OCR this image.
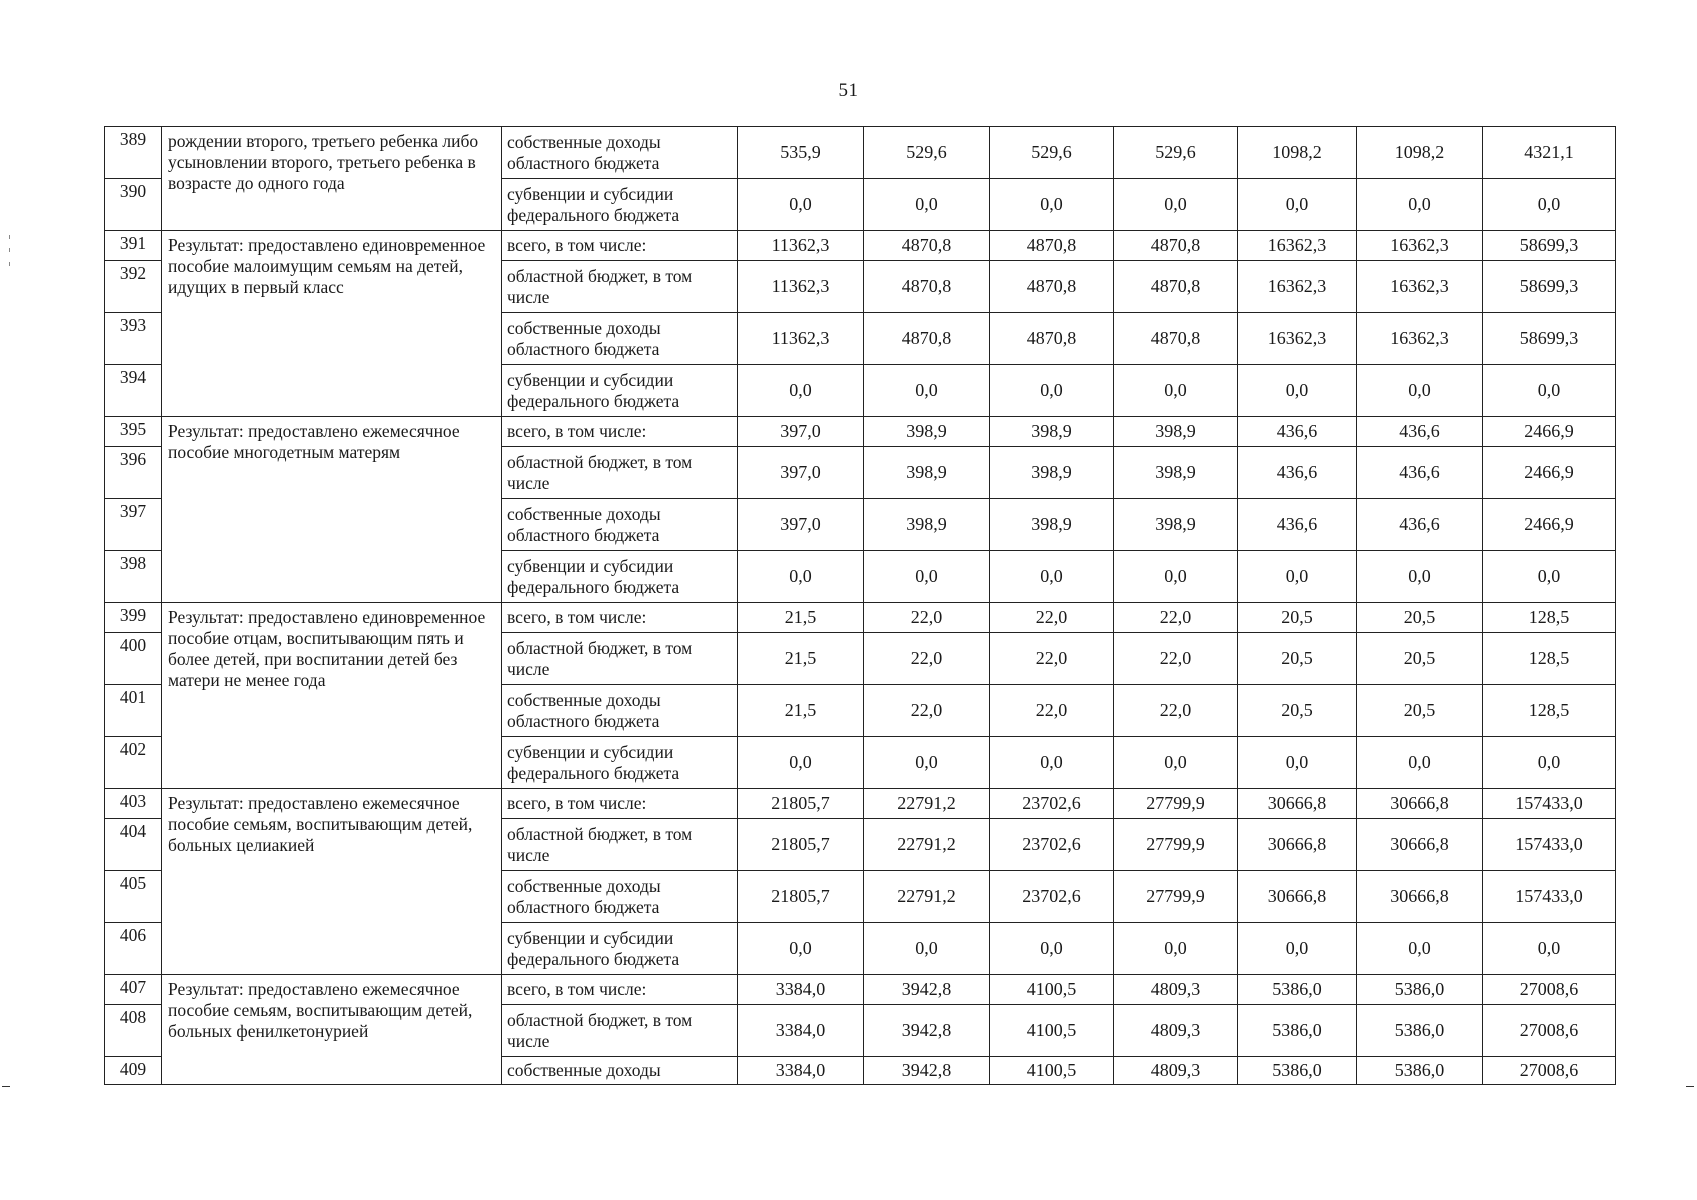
51
389	рождении второго, третьего ребенка либо усыновлении второго, третьего ребенка в возрасте до одного года	собственные доходы областного бюджета	535,9	529,6	529,6	529,6	1098,2	1098,2	4321,1
390		субвенции и субсидии федерального бюджета	0,0	0,0	0,0	0,0	0,0	0,0	0,0
391	Результат: предоставлено единовременное пособие малоимущим семьям на детей, идущих в первый класс	всего, в том числе:	11362,3	4870,8	4870,8	4870,8	16362,3	16362,3	58699,3
392		областной бюджет, в том числе	11362,3	4870,8	4870,8	4870,8	16362,3	16362,3	58699,3
393		собственные доходы областного бюджета	11362,3	4870,8	4870,8	4870,8	16362,3	16362,3	58699,3
394		субвенции и субсидии федерального бюджета	0,0	0,0	0,0	0,0	0,0	0,0	0,0
395	Результат: предоставлено ежемесячное пособие многодетным матерям	всего, в том числе:	397,0	398,9	398,9	398,9	436,6	436,6	2466,9
396		областной бюджет, в том числе	397,0	398,9	398,9	398,9	436,6	436,6	2466,9
397		собственные доходы областного бюджета	397,0	398,9	398,9	398,9	436,6	436,6	2466,9
398		субвенции и субсидии федерального бюджета	0,0	0,0	0,0	0,0	0,0	0,0	0,0
399	Результат: предоставлено единовременное пособие отцам, воспитывающим пять и более детей, при воспитании детей без матери не менее года	всего, в том числе:	21,5	22,0	22,0	22,0	20,5	20,5	128,5
400		областной бюджет, в том числе	21,5	22,0	22,0	22,0	20,5	20,5	128,5
401		собственные доходы областного бюджета	21,5	22,0	22,0	22,0	20,5	20,5	128,5
402		субвенции и субсидии федерального бюджета	0,0	0,0	0,0	0,0	0,0	0,0	0,0
403	Результат: предоставлено ежемесячное пособие семьям, воспитывающим детей, больных целиакией	всего, в том числе:	21805,7	22791,2	23702,6	27799,9	30666,8	30666,8	157433,0
404		областной бюджет, в том числе	21805,7	22791,2	23702,6	27799,9	30666,8	30666,8	157433,0
405		собственные доходы областного бюджета	21805,7	22791,2	23702,6	27799,9	30666,8	30666,8	157433,0
406		субвенции и субсидии федерального бюджета	0,0	0,0	0,0	0,0	0,0	0,0	0,0
407	Результат: предоставлено ежемесячное пособие семьям, воспитывающим детей, больных фенилкетонурией	всего, в том числе:	3384,0	3942,8	4100,5	4809,3	5386,0	5386,0	27008,6
408		областной бюджет, в том числе	3384,0	3942,8	4100,5	4809,3	5386,0	5386,0	27008,6
409		собственные доходы	3384,0	3942,8	4100,5	4809,3	5386,0	5386,0	27008,6
